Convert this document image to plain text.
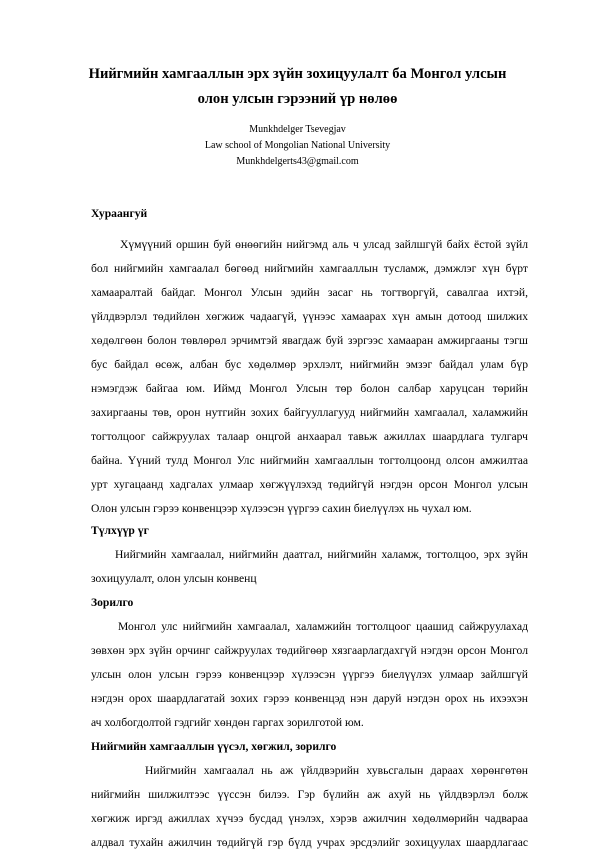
Нийгмийн хамгааллын эрх зүйн зохицуулалт ба Монгол улсын
олон улсын гэрээний үр нөлөө
Munkhdelger Tsevegjav
Law school of Mongolian National University
Munkhdelgerts43@gmail.com
Хураангуй
Хүмүүний оршин буй өнөөгийн нийгэмд аль ч улсад зайлшгүй байх ёстой зүйл
бол нийгмийн хамгаалал бөгөөд нийгмийн хамгааллын тусламж, дэмжлэг хүн бүрт
хамааралтай байдаг. Монгол Улсын эдийн засаг нь тогтворгүй, савалгаа ихтэй,
үйлдвэрлэл төдийлөн хөгжиж чадаагүй, үүнээс хамаарах хүн амын дотоод шилжих
хөдөлгөөн болон төвлөрөл эрчимтэй явагдаж буй зэргээс хамааран амжиргааны тэгш
бус байдал өсөж, албан бус хөдөлмөр эрхлэлт, нийгмийн эмзэг байдал улам бүр
нэмэгдэж байгаа юм. Иймд Монгол Улсын төр болон салбар харуцсан төрийн
захиргааны төв, орон нутгийн зохих байгууллагууд нийгмийн хамгаалал, халамжийн
тогтолцоог сайжруулах талаар онцгой анхаарал тавьж ажиллах шаардлага тулгарч
байна. Үүний тулд Монгол Улс нийгмийн хамгааллын тогтолцоонд олсон амжилтаа
урт хугацаанд хадгалах улмаар хөгжүүлэхэд төдийгүй нэгдэн орсон Монгол улсын
Олон улсын гэрээ конвенцээр хүлээсэн үүргээ сахин биелүүлэх нь чухал юм.
Түлхүүр үг
Нийгмийн хамгаалал, нийгмийн даатгал, нийгмийн халамж, тогтолцоо, эрх зүйн
зохицуулалт, олон улсын конвенц
Зорилго
Монгол улс нийгмийн хамгаалал, халамжийн тогтолцоог цаашид сайжруулахад
зөвхөн эрх зүйн орчинг сайжруулах төдийгөөр хязгаарлагдахгүй нэгдэн орсон Монгол
улсын олон улсын гэрээ конвенцээр хүлээсэн үүргээ биелүүлэх улмаар зайлшгүй
нэгдэн орох шаардлагатай зохих гэрээ конвенцэд нэн даруй нэгдэн орох нь ихээхэн
ач холбогдолтой гэдгийг хөндөн гаргах зорилготой юм.
Нийгмийн хамгааллын үүсэл, хөгжил, зорилго
Нийгмийн хамгаалал нь аж үйлдвэрийн хувьсгалын дараах хөрөнгөтөн
нийгмийн шилжилтээс үүссэн билээ. Гэр бүлийн аж ахуй нь үйлдвэрлэл болж
хөгжиж иргэд ажиллах хүчээ бусдад үнэлэх, хэрэв ажилчин хөдөлмөрийн чадвараа
алдвал тухайн ажилчин төдийгүй гэр бүлд учрах эрсдэлийг зохицуулах шаардлагаас
